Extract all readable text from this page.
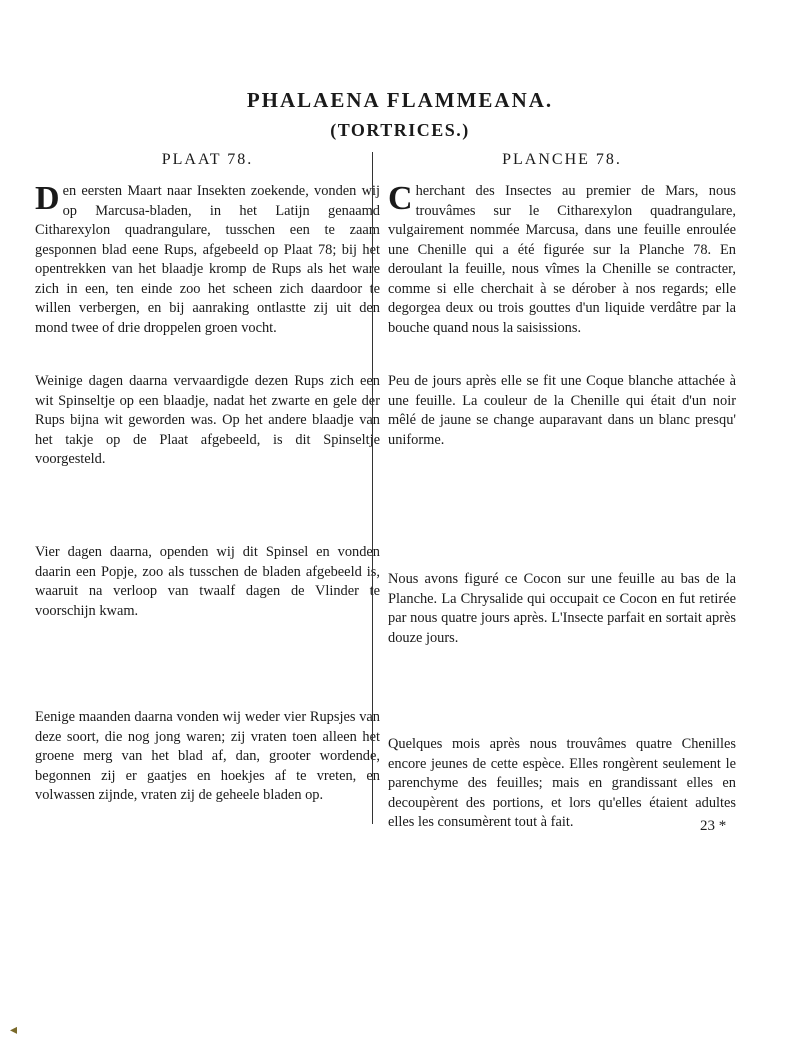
PHALAENA FLAMMEANA.
(TORTRICES.)
PLAAT 78.

Den eersten Maart naar Insekten zoekende, vonden wij op Marcusa-bladen, in het Latijn genaamd Citharexylon quadrangulare, tusschen een te zaam gesponnen blad eene Rups, afgebeeld op Plaat 78; bij het opentrekken van het blaadje kromp de Rups als het ware zich in een, ten einde zoo het scheen zich daardoor te willen verbergen, en bij aanraking ontlastte zij uit den mond twee of drie droppelen groen vocht.

Weinige dagen daarna vervaardigde dezen Rups zich een wit Spinseltje op een blaadje, nadat het zwarte en gele der Rups bijna wit geworden was. Op het andere blaadje van het takje op de Plaat afgebeeld, is dit Spinseltje voorgesteld.

Vier dagen daarna, openden wij dit Spinsel en vonden daarin een Popje, zoo als tusschen de bladen afgebeeld is, waaruit na verloop van twaalf dagen de Vlinder te voorschijn kwam.

Eenige maanden daarna vonden wij weder vier Rupsjes van deze soort, die nog jong waren; zij vraten toen alleen het groene merg van het blad af, dan, grooter wordende, begonnen zij er gaatjes en hoekjes af te vreten, en volwassen zijnde, vraten zij de geheele bladen op.

PLANCHE 78.

Cherchant des Insectes au premier de Mars, nous trouvâmes sur le Citharexylon quadrangulare, vulgairement nommée Marcusa, dans une feuille enroulée une Chenille qui a été figurée sur la Planche 78. En deroulant la feuille, nous vîmes la Chenille se contracter, comme si elle cherchait à se dérober à nos regards; elle degorgea deux ou trois gouttes d'un liquide verdâtre par la bouche quand nous la saisissions.

Peu de jours après elle se fit une Coque blanche attachée à une feuille. La couleur de la Chenille qui était d'un noir mêlé de jaune se change auparavant dans un blanc presqu' uniforme.

Nous avons figuré ce Cocon sur une feuille au bas de la Planche. La Chrysalide qui occupait ce Cocon en fut retirée par nous quatre jours après. L'Insecte parfait en sortait après douze jours.

Quelques mois après nous trouvâmes quatre Chenilles encore jeunes de cette espèce. Elles rongèrent seulement le parenchyme des feuilles; mais en grandissant elles en decoupèrent des portions, et lors qu'elles étaient adultes elles les consumèrent tout à fait.	23 *
◂
